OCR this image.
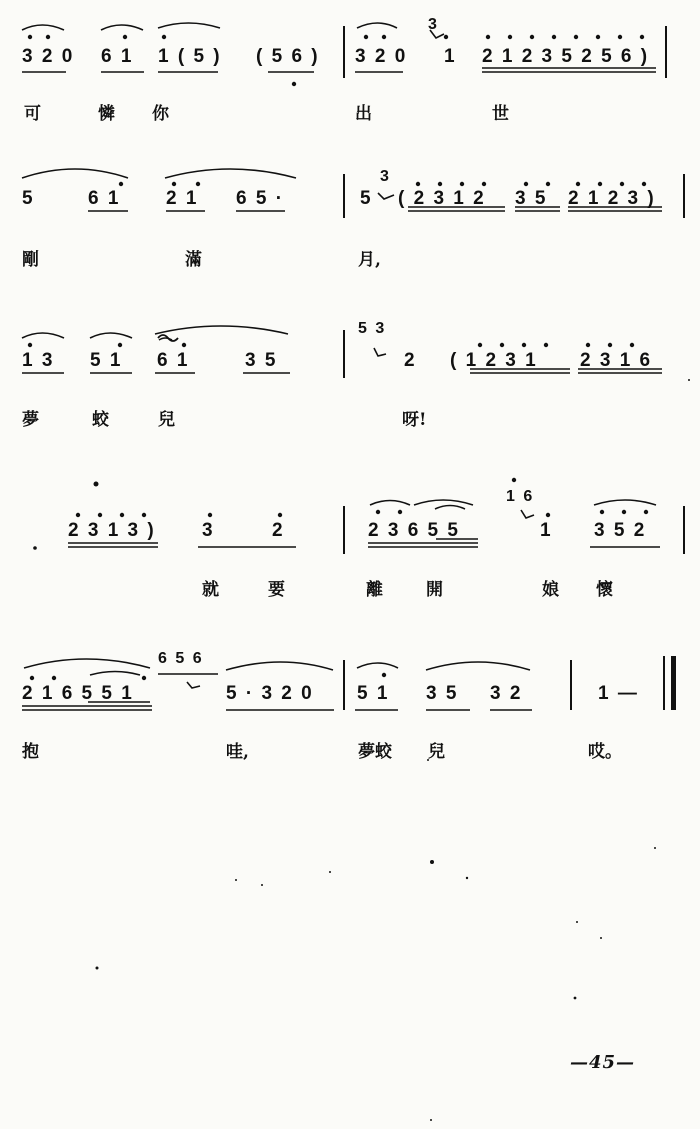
3 2 0 6 1 1 ( 5 ) ( 5 6 ) 3 2 0
3
1 2 1 2 3 5 2 5 6 )
可	憐 你	出	世
5	6 1 2 1 6 5 ·	5
3
( 2 3 1 2 3 5 2 1 2 3 )
剛	滿	月,
1 3 5 1 6 1	3 5
5 3
2 ( 1 2 3 1 2 3 1 6
夢	蛟	兒	呀!
2 3 1 3 ) 3	2	2 3 6 5 5
1 6
1 3 5 2
就	要	離	開	娘 懷
2 1 6 5 5 1
6 5 6
5 · 3 2 0 5 1 3 5 3 2	1 —
抱	哇,	夢蛟 兒	哎。
—45—
